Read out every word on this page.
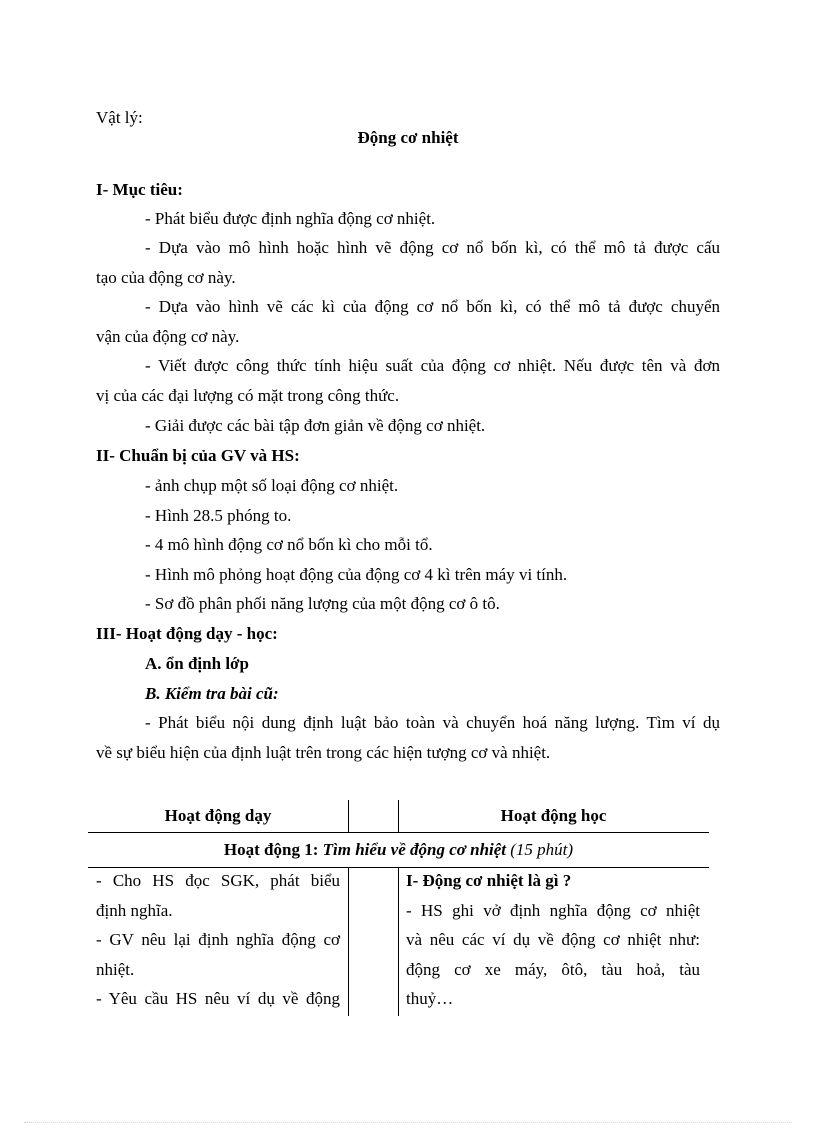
Vật lý:
Động cơ nhiệt
I- Mục tiêu:
- Phát biểu được định nghĩa động cơ nhiệt.
- Dựa vào mô hình hoặc hình vẽ động cơ nổ bốn kì, có thể mô tả được cấu
tạo của động cơ này.
- Dựa vào hình vẽ các kì của động cơ nổ bốn kì, có thể mô tả được chuyển
vận của động cơ này.
- Viết được công thức tính hiệu suất của động cơ nhiệt. Nếu được tên và đơn
vị của các đại lượng có mặt trong công thức.
- Giải được các bài tập đơn giản về động cơ nhiệt.
II- Chuẩn bị của GV và HS:
- ảnh chụp một số loại động cơ nhiệt.
- Hình 28.5 phóng to.
- 4 mô hình động cơ nổ bốn kì cho mỗi tổ.
- Hình mô phỏng hoạt động của động cơ 4 kì trên máy vi tính.
- Sơ đồ phân phối năng lượng của một động cơ ô tô.
III- Hoạt động dạy - học:
A. ổn định lớp
B. Kiểm tra bài cũ:
- Phát biểu nội dung định luật bảo toàn và chuyển hoá năng lượng. Tìm ví dụ
về sự biểu hiện của định luật trên trong các hiện tượng cơ và nhiệt.
Hoạt động dạy	Hoạt động học
Hoạt động 1: Tìm hiểu về động cơ nhiệt (15 phút)
- Cho HS đọc SGK, phát biểu
định nghĩa.
- GV nêu lại định nghĩa động cơ
nhiệt.
- Yêu cầu HS nêu ví dụ về động
I- Động cơ nhiệt là gì ?
- HS ghi vở định nghĩa động cơ nhiệt
và nêu các ví dụ về động cơ nhiệt như:
động cơ xe máy, ôtô, tàu hoả, tàu
thuỷ…
